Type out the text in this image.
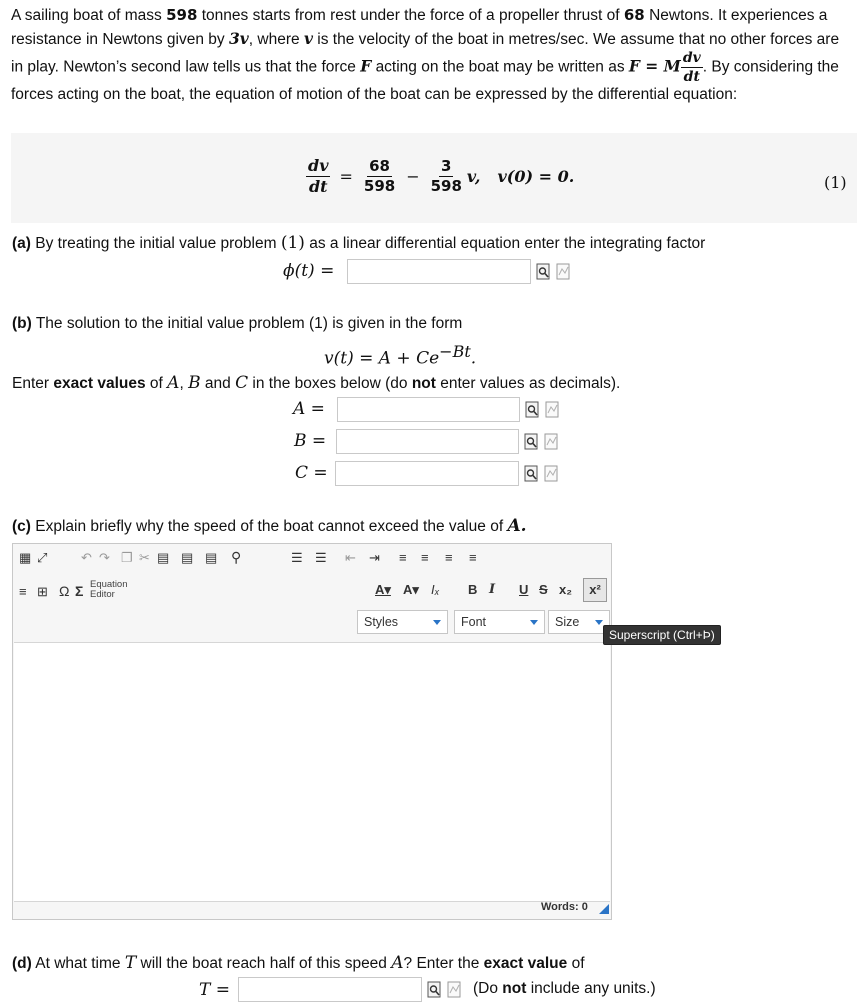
A sailing boat of mass 598 tonnes starts from rest under the force of a propeller thrust of 68 Newtons. It experiences a resistance in Newtons given by 3v, where v is the velocity of the boat in metres/sec. We assume that no other forces are in play. Newton’s second law tells us that the force F acting on the boat may be written as F = M $\frac{dv}{dt}$ . By considering the forces acting on the boat, the equation of motion of the boat can be expressed by the differential equation:
$\frac{dv}{dt} = \frac{68}{598} - \frac{3}{598} v$, v(0) = 0.	(1)
(a) By treating the initial value problem (1) as a linear differential equation enter the integrating factor
ϕ(t) =
(b) The solution to the initial value problem (1) is given in the form
$v(t) = A + Ce^{-Bt}$.
Enter exact values of A, B and C in the boxes below (do not enter values as decimals).
A =
B =
C =
(c) Explain briefly why the speed of the boat cannot exceed the value of A.
▦ ⤢	↶ ↷ ❐ ✂ ▤ ▤ ▤ ⚲	☰ ☰ ⇤ ⇥ ≡ ≡ ≡ ≡
≡ ⊞ Ω Σ Equation
Editor	A▾ A▾ Iₓ B I U S x₂	x²
Styles	Font	Size
Words: 0
Superscript (Ctrl+Þ)
(d) At what time T will the boat reach half of this speed A? Enter the exact value of
T =	(Do not include any units.)
